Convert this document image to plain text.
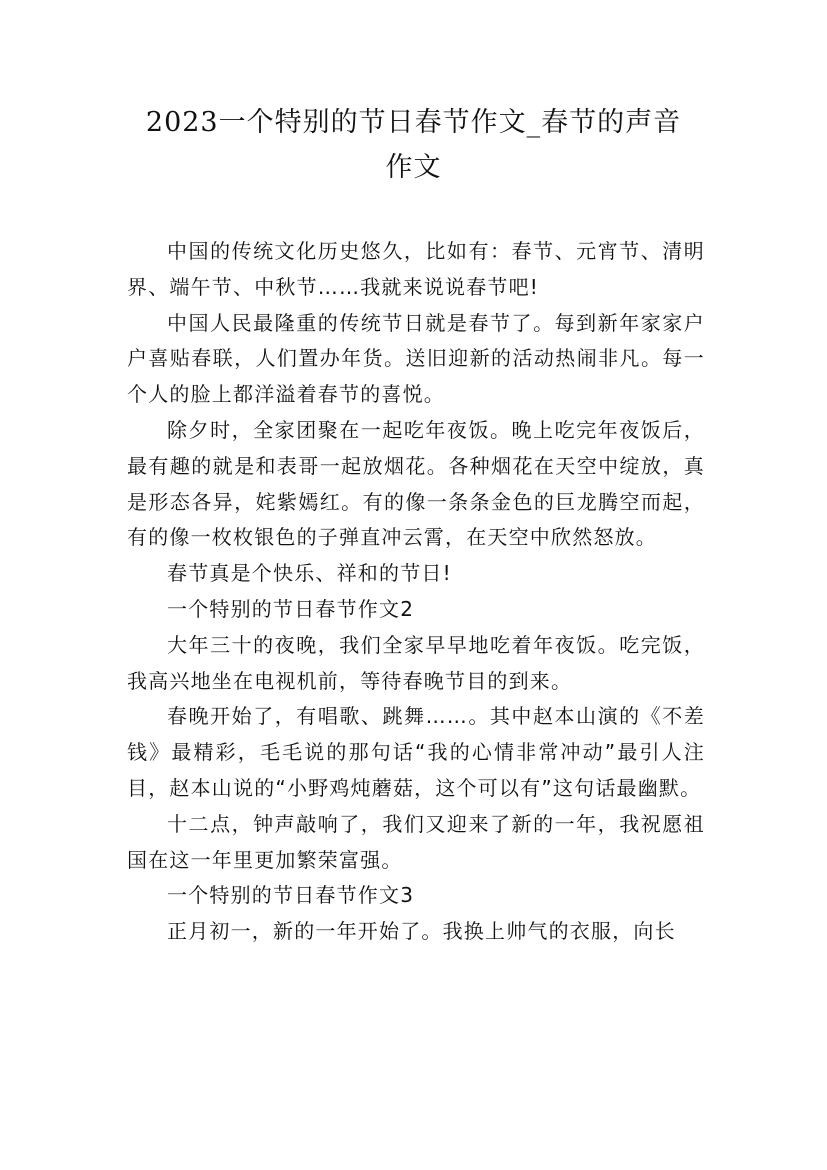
2023一个特别的节日春节作文_春节的声音
作文

中国的传统文化历史悠久，比如有：春节、元宵节、清明界、端午节、中秋节……我就来说说春节吧!

中国人民最隆重的传统节日就是春节了。每到新年家家户户喜贴春联，人们置办年货。送旧迎新的活动热闹非凡。每一个人的脸上都洋溢着春节的喜悦。

除夕时，全家团聚在一起吃年夜饭。晚上吃完年夜饭后，最有趣的就是和表哥一起放烟花。各种烟花在天空中绽放，真是形态各异，姹紫嫣红。有的像一条条金色的巨龙腾空而起，有的像一枚枚银色的子弹直冲云霄，在天空中欣然怒放。

春节真是个快乐、祥和的节日!

一个特别的节日春节作文2

大年三十的夜晚，我们全家早早地吃着年夜饭。吃完饭，我高兴地坐在电视机前，等待春晚节目的到来。

春晚开始了，有唱歌、跳舞……。其中赵本山演的《不差钱》最精彩，毛毛说的那句话“我的心情非常冲动”最引人注目，赵本山说的“小野鸡炖蘑菇，这个可以有”这句话最幽默。

十二点，钟声敲响了，我们又迎来了新的一年，我祝愿祖国在这一年里更加繁荣富强。

一个特别的节日春节作文3

正月初一，新的一年开始了。我换上帅气的衣服，向长
